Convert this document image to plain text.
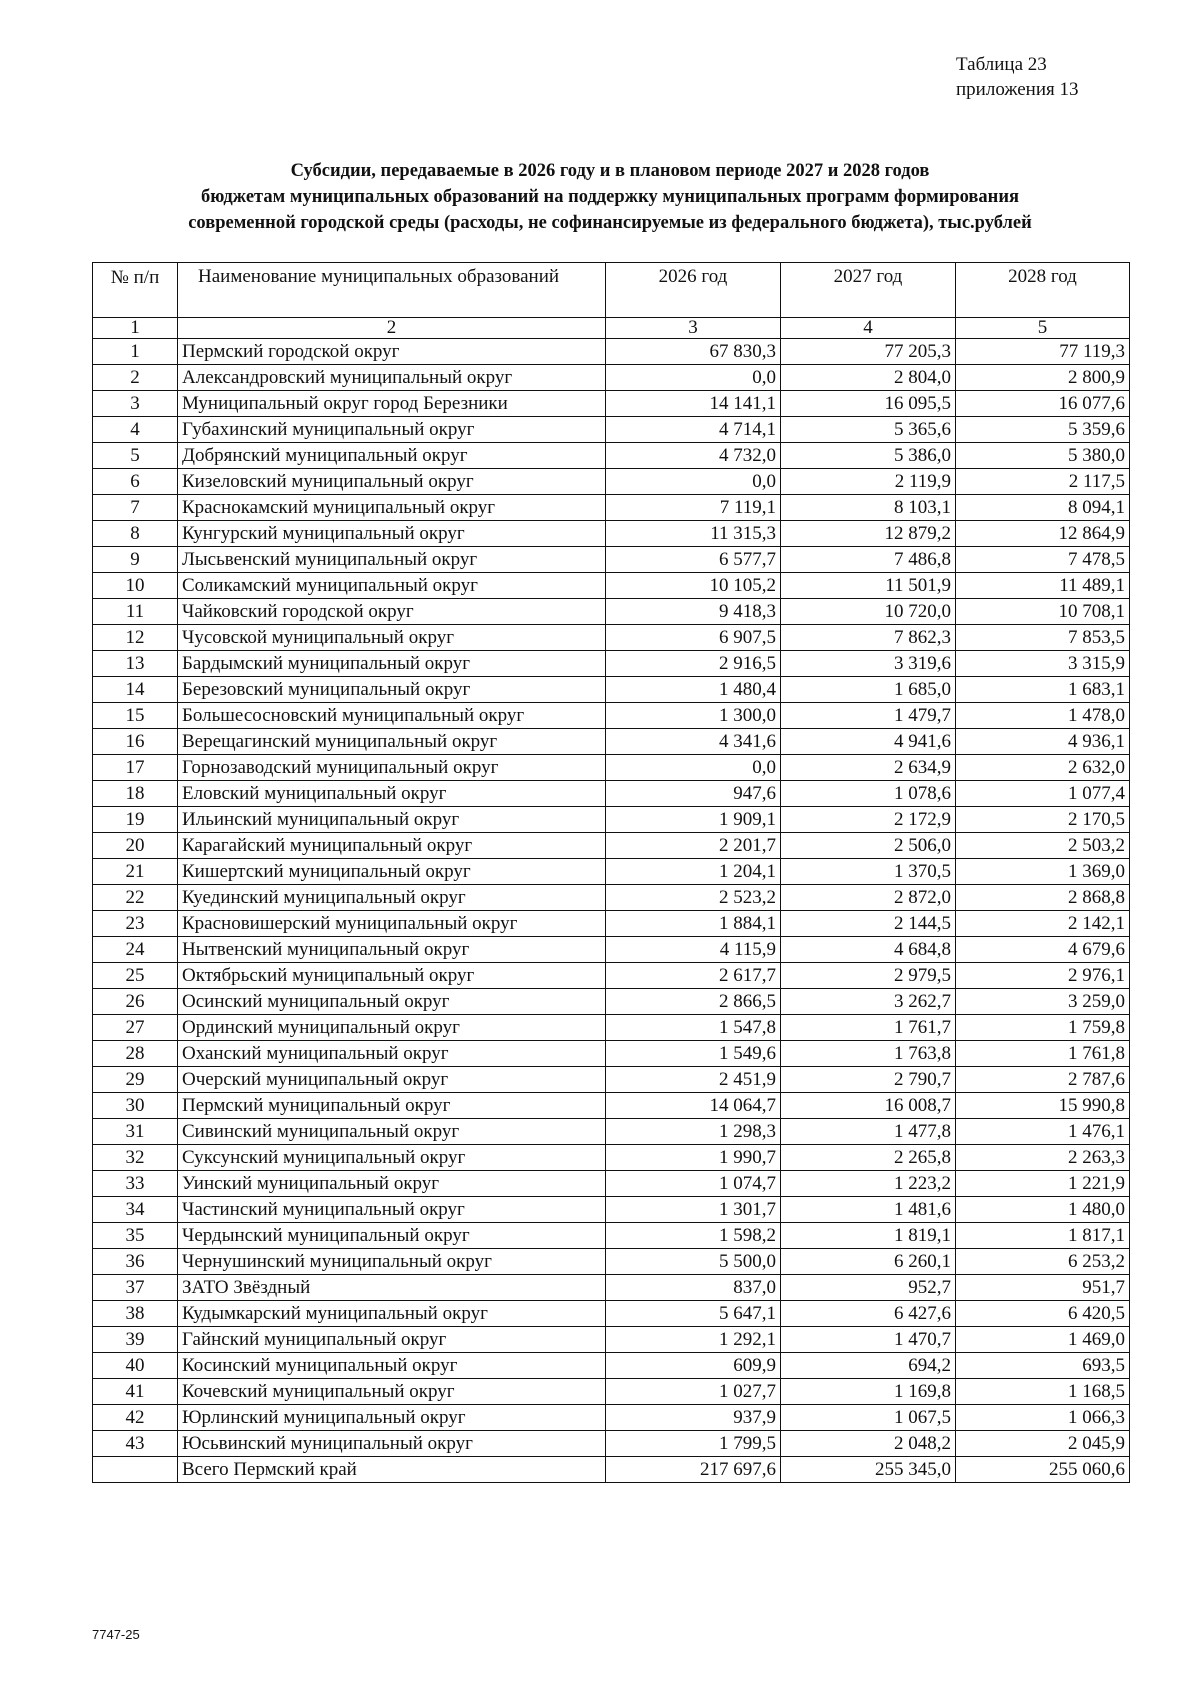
Таблица 23
приложения 13
Субсидии, передаваемые в 2026 году и в плановом периоде 2027 и 2028 годов
бюджетам муниципальных образований на поддержку муниципальных программ формирования
современной городской среды (расходы, не софинансируемые из федерального бюджета), тыс.рублей
№ п/п	Наименование муниципальных образований	2026 год	2027 год	2028 год
1	2	3	4	5
1	Пермский городской округ	67 830,3	77 205,3	77 119,3
2	Александровский муниципальный округ	0,0	2 804,0	2 800,9
3	Муниципальный округ город Березники	14 141,1	16 095,5	16 077,6
4	Губахинский муниципальный округ	4 714,1	5 365,6	5 359,6
5	Добрянский муниципальный округ	4 732,0	5 386,0	5 380,0
6	Кизеловский муниципальный округ	0,0	2 119,9	2 117,5
7	Краснокамский муниципальный округ	7 119,1	8 103,1	8 094,1
8	Кунгурский муниципальный округ	11 315,3	12 879,2	12 864,9
9	Лысьвенский муниципальный округ	6 577,7	7 486,8	7 478,5
10	Соликамский муниципальный округ	10 105,2	11 501,9	11 489,1
11	Чайковский городской округ	9 418,3	10 720,0	10 708,1
12	Чусовской муниципальный округ	6 907,5	7 862,3	7 853,5
13	Бардымский муниципальный округ	2 916,5	3 319,6	3 315,9
14	Березовский муниципальный округ	1 480,4	1 685,0	1 683,1
15	Большесосновский муниципальный округ	1 300,0	1 479,7	1 478,0
16	Верещагинский муниципальный округ	4 341,6	4 941,6	4 936,1
17	Горнозаводский муниципальный округ	0,0	2 634,9	2 632,0
18	Еловский муниципальный округ	947,6	1 078,6	1 077,4
19	Ильинский муниципальный округ	1 909,1	2 172,9	2 170,5
20	Карагайский муниципальный округ	2 201,7	2 506,0	2 503,2
21	Кишертский муниципальный округ	1 204,1	1 370,5	1 369,0
22	Куединский муниципальный округ	2 523,2	2 872,0	2 868,8
23	Красновишерский муниципальный округ	1 884,1	2 144,5	2 142,1
24	Нытвенский муниципальный округ	4 115,9	4 684,8	4 679,6
25	Октябрьский муниципальный округ	2 617,7	2 979,5	2 976,1
26	Осинский муниципальный округ	2 866,5	3 262,7	3 259,0
27	Ординский муниципальный округ	1 547,8	1 761,7	1 759,8
28	Оханский муниципальный округ	1 549,6	1 763,8	1 761,8
29	Очерский муниципальный округ	2 451,9	2 790,7	2 787,6
30	Пермский муниципальный округ	14 064,7	16 008,7	15 990,8
31	Сивинский муниципальный округ	1 298,3	1 477,8	1 476,1
32	Суксунский муниципальный округ	1 990,7	2 265,8	2 263,3
33	Уинский муниципальный округ	1 074,7	1 223,2	1 221,9
34	Частинский муниципальный округ	1 301,7	1 481,6	1 480,0
35	Чердынский муниципальный округ	1 598,2	1 819,1	1 817,1
36	Чернушинский муниципальный округ	5 500,0	6 260,1	6 253,2
37	ЗАТО Звёздный	837,0	952,7	951,7
38	Кудымкарский муниципальный округ	5 647,1	6 427,6	6 420,5
39	Гайнский муниципальный округ	1 292,1	1 470,7	1 469,0
40	Косинский муниципальный округ	609,9	694,2	693,5
41	Кочевский муниципальный округ	1 027,7	1 169,8	1 168,5
42	Юрлинский муниципальный округ	937,9	1 067,5	1 066,3
43	Юсьвинский муниципальный округ	1 799,5	2 048,2	2 045,9
	Всего Пермский край	217 697,6	255 345,0	255 060,6
7747-25
